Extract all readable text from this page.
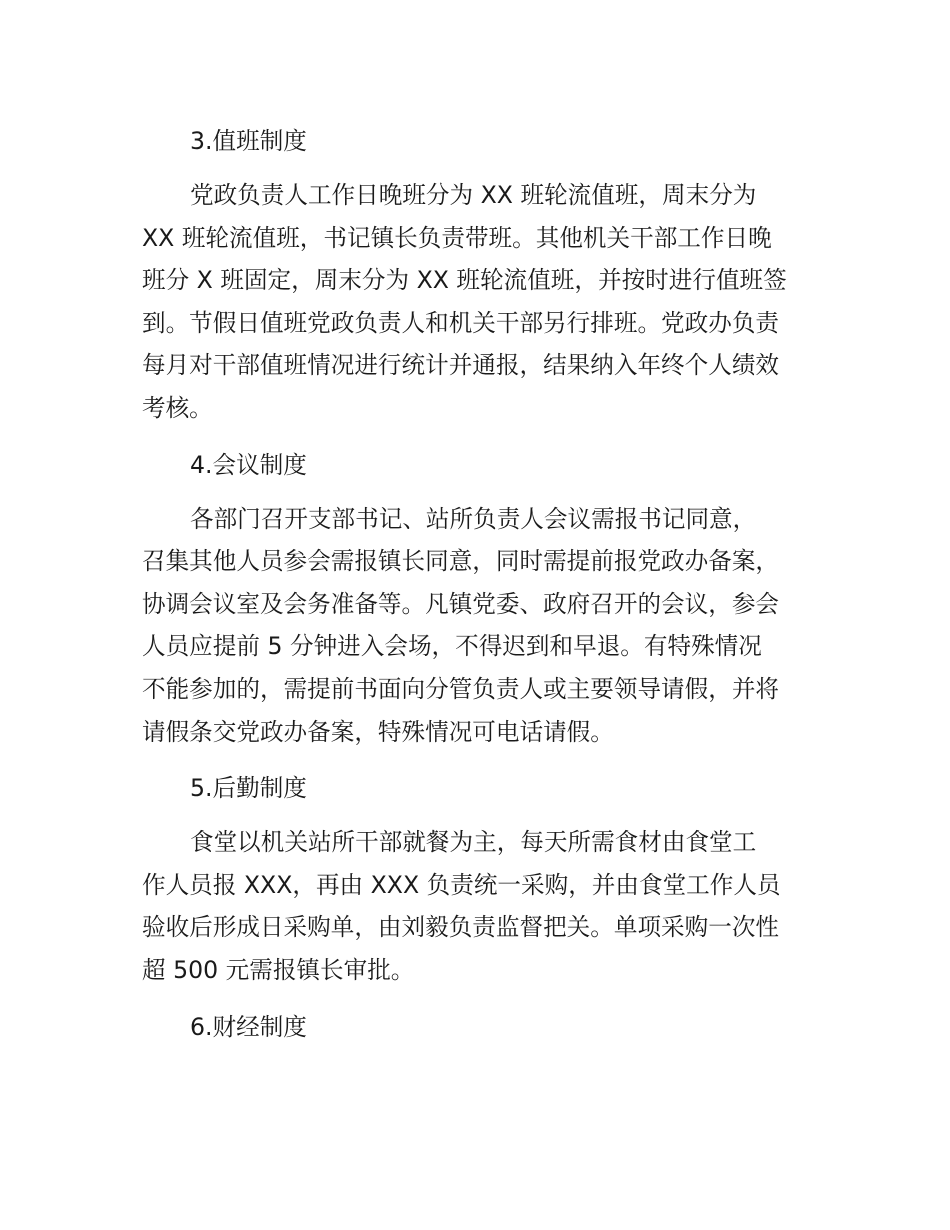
3.值班制度

党政负责人工作日晚班分为 XX 班轮流值班，周末分为
XX 班轮流值班，书记镇长负责带班。其他机关干部工作日晚
班分 X 班固定，周末分为 XX 班轮流值班，并按时进行值班签
到。节假日值班党政负责人和机关干部另行排班。党政办负责
每月对干部值班情况进行统计并通报，结果纳入年终个人绩效
考核。

4.会议制度

各部门召开支部书记、站所负责人会议需报书记同意，
召集其他人员参会需报镇长同意，同时需提前报党政办备案，
协调会议室及会务准备等。凡镇党委、政府召开的会议，参会
人员应提前 5 分钟进入会场，不得迟到和早退。有特殊情况
不能参加的，需提前书面向分管负责人或主要领导请假，并将
请假条交党政办备案，特殊情况可电话请假。

5.后勤制度

食堂以机关站所干部就餐为主，每天所需食材由食堂工
作人员报 XXX，再由 XXX 负责统一采购，并由食堂工作人员
验收后形成日采购单，由刘毅负责监督把关。单项采购一次性
超 500 元需报镇长审批。

6.财经制度
